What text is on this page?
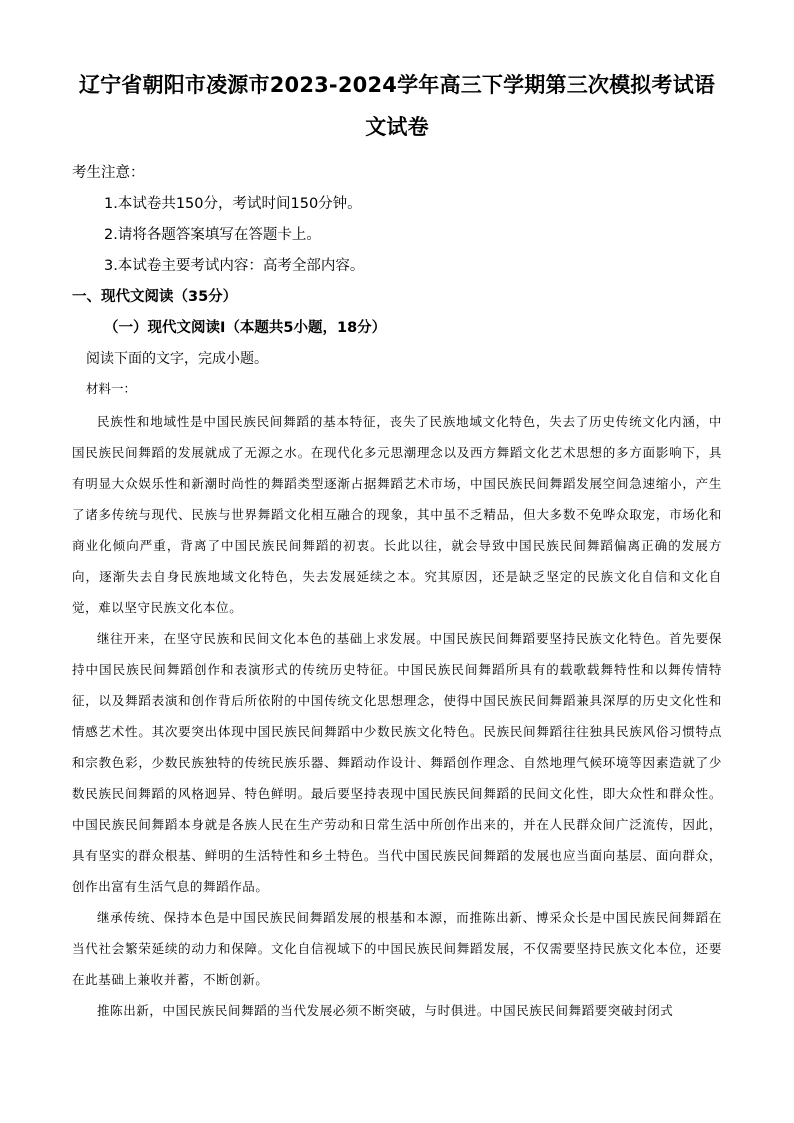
辽宁省朝阳市凌源市2023-2024学年高三下学期第三次模拟考试语文试卷
考生注意：
1.本试卷共150分，考试时间150分钟。
2.请将各题答案填写在答题卡上。
3.本试卷主要考试内容：高考全部内容。
一、现代文阅读（35分）
（一）现代文阅读Ⅰ（本题共5小题，18分）
阅读下面的文字，完成小题。
材料一：

民族性和地域性是中国民族民间舞蹈的基本特征，丧失了民族地域文化特色，失去了历史传统文化内涵，中国民族民间舞蹈的发展就成了无源之水。在现代化多元思潮理念以及西方舞蹈文化艺术思想的多方面影响下，具有明显大众娱乐性和新潮时尚性的舞蹈类型逐渐占据舞蹈艺术市场，中国民族民间舞蹈发展空间急速缩小，产生了诸多传统与现代、民族与世界舞蹈文化相互融合的现象，其中虽不乏精品，但大多数不免哗众取宠，市场化和商业化倾向严重，背离了中国民族民间舞蹈的初衷。长此以往，就会导致中国民族民间舞蹈偏离正确的发展方向，逐渐失去自身民族地域文化特色，失去发展延续之本。究其原因，还是缺乏坚定的民族文化自信和文化自觉，难以坚守民族文化本位。

继往开来，在坚守民族和民间文化本色的基础上求发展。中国民族民间舞蹈要坚持民族文化特色。首先要保持中国民族民间舞蹈创作和表演形式的传统历史特征。中国民族民间舞蹈所具有的载歌载舞特性和以舞传情特征，以及舞蹈表演和创作背后所依附的中国传统文化思想理念，使得中国民族民间舞蹈兼具深厚的历史文化性和情感艺术性。其次要突出体现中国民族民间舞蹈中少数民族文化特色。民族民间舞蹈往往独具民族风俗习惯特点和宗教色彩，少数民族独特的传统民族乐器、舞蹈动作设计、舞蹈创作理念、自然地理气候环境等因素造就了少数民族民间舞蹈的风格迥异、特色鲜明。最后要坚持表现中国民族民间舞蹈的民间文化性，即大众性和群众性。中国民族民间舞蹈本身就是各族人民在生产劳动和日常生活中所创作出来的，并在人民群众间广泛流传，因此，具有坚实的群众根基、鲜明的生活特性和乡土特色。当代中国民族民间舞蹈的发展也应当面向基层、面向群众，创作出富有生活气息的舞蹈作品。

继承传统、保持本色是中国民族民间舞蹈发展的根基和本源，而推陈出新、博采众长是中国民族民间舞蹈在当代社会繁荣延续的动力和保障。文化自信视域下的中国民族民间舞蹈发展，不仅需要坚持民族文化本位，还要在此基础上兼收并蓄，不断创新。

推陈出新，中国民族民间舞蹈的当代发展必须不断突破，与时俱进。中国民族民间舞蹈要突破封闭式
